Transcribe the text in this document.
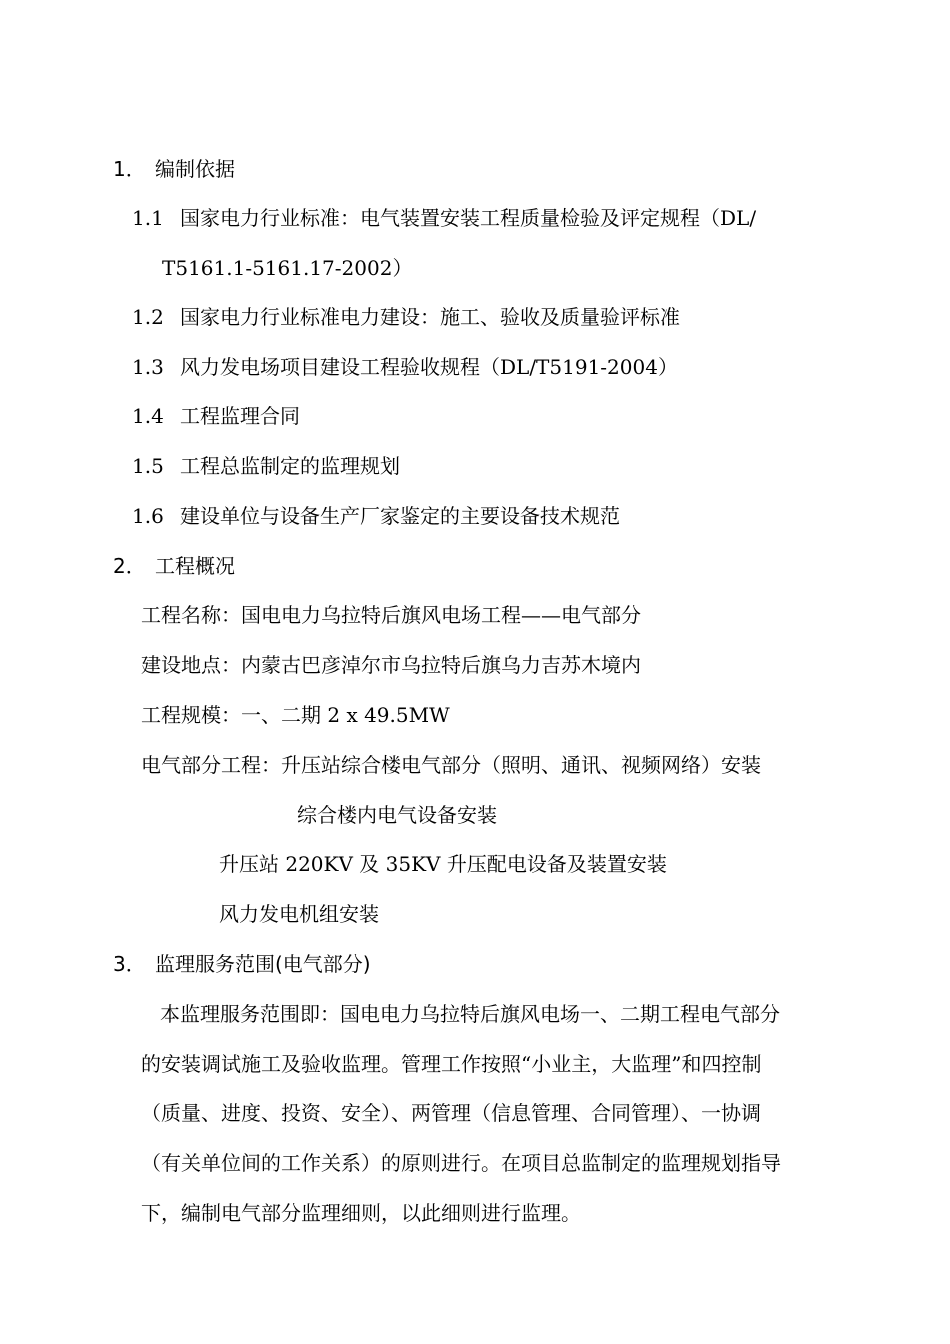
1． 编制依据
1.1 国家电力行业标准：电气装置安装工程质量检验及评定规程（DL/
T5161.1-5161.17-2002）
1.2 国家电力行业标准电力建设：施工、验收及质量验评标准
1.3 风力发电场项目建设工程验收规程（DL/T5191-2004）
1.4 工程监理合同
1.5 工程总监制定的监理规划
1.6 建设单位与设备生产厂家鉴定的主要设备技术规范
2． 工程概况
工程名称：国电电力乌拉特后旗风电场工程——电气部分
建设地点：内蒙古巴彦淖尔市乌拉特后旗乌力吉苏木境内
工程规模：一、二期 2 x 49.5MW
电气部分工程：升压站综合楼电气部分（照明、通讯、视频网络）安装
综合楼内电气设备安装
升压站 220KV 及 35KV 升压配电设备及装置安装
风力发电机组安装
3． 监理服务范围(电气部分)
本监理服务范围即：国电电力乌拉特后旗风电场一、二期工程电气部分
的安装调试施工及验收监理。管理工作按照“小业主，大监理”和四控制
（质量、进度、投资、安全）、两管理（信息管理、合同管理）、一协调
（有关单位间的工作关系）的原则进行。在项目总监制定的监理规划指导
下，编制电气部分监理细则，以此细则进行监理。
